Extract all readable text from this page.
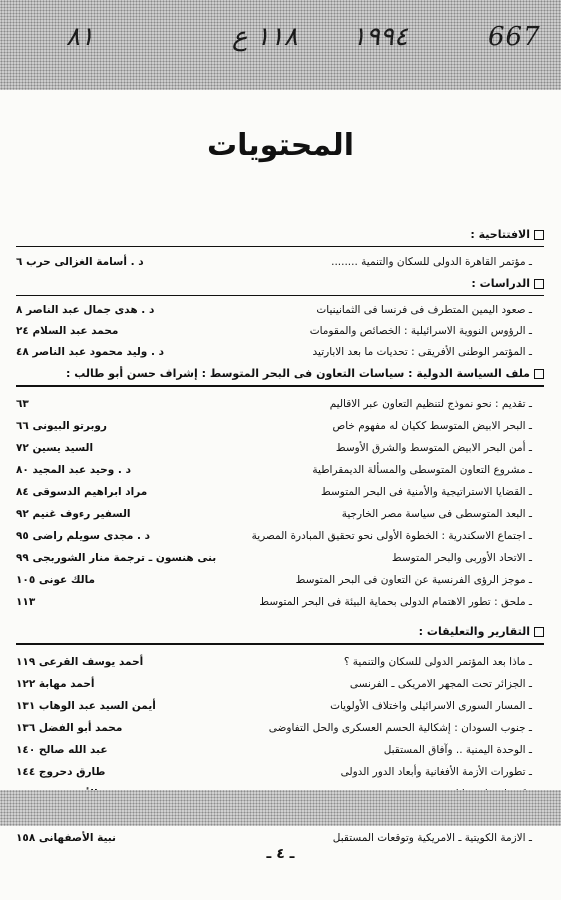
٨١	١١٨ ع ١٩٩٤	667
المحتويات
الافتتاحية :
ـ مؤتمر القاهرة الدولى للسكان والتنمية ........
د . أسامة الغزالى حرب ٦
الدراسات :
ـ صعود اليمين المتطرف فى فرنسا فى الثمانينيات
د . هدى جمال عبد الناصر ٨
ـ الرؤوس النووية الاسرائيلية : الخصائص والمقومات
محمد عبد السلام ٢٤
ـ المؤتمر الوطنى الأفريقى : تحديات ما بعد الابارتيد
د . وليد محمود عبد الناصر ٤٨
ملف السياسة الدولية : سياسات التعاون فى البحر المتوسط : إشراف حسن أبو طالب :
ـ تقديم : نحو نموذج لتنظيم التعاون عبر الاقاليم
٦٣
ـ البحر الابيض المتوسط ككيان له مفهوم خاص
روبرتو البيونى ٦٦
ـ أمن البحر الابيض المتوسط والشرق الأوسط
السيد يسين ٧٢
ـ مشروع التعاون المتوسطى والمسألة الديمقراطية
د . وحيد عبد المجيد ٨٠
ـ القضايا الاستراتيجية والأمنية فى البحر المتوسط
مراد ابراهيم الدسوقى ٨٤
ـ البعد المتوسطى فى سياسة مصر الخارجية
السفير رءوف غنيم ٩٢
ـ اجتماع الاسكندرية : الخطوة الأولى نحو تحقيق المبادرة المصرية
د . مجدى سويلم راضى ٩٥
ـ الاتحاد الأوربى والبحر المتوسط
بنى هنسون ـ ترجمة منار الشوربجى ٩٩
ـ موجز الرؤى الفرنسية عن التعاون فى البحر المتوسط
مالك عونى ١٠٥
ـ ملحق : تطور الاهتمام الدولى بحماية البيئة فى البحر المتوسط
١١٣
التقارير والتعليقات :
ـ ماذا بعد المؤتمر الدولى للسكان والتنمية ؟
أحمد يوسف القرعى ١١٩
ـ الجزائر تحت المجهر الامريكى ـ الفرنسى
أحمد مهابة ١٢٢
ـ المسار السورى الاسرائيلى واختلاف الأولويات
أيمن السيد عبد الوهاب ١٣١
ـ جنوب السودان : إشكالية الحسم العسكرى والحل التفاوضى
محمد أبو الفضل ١٣٦
ـ الوحدة اليمنية .. وآفاق المستقبل
عبد الله صالح ١٤٠
ـ تطورات الأزمة الأفغانية وأبعاد الدور الدولى
طارق دحروج ١٤٤
ـ الازمة الكويتية ـ الامريكية وتوقعات المستقبل
نبية الأصفهانى ١٥٨
ـ ٤ ـ
